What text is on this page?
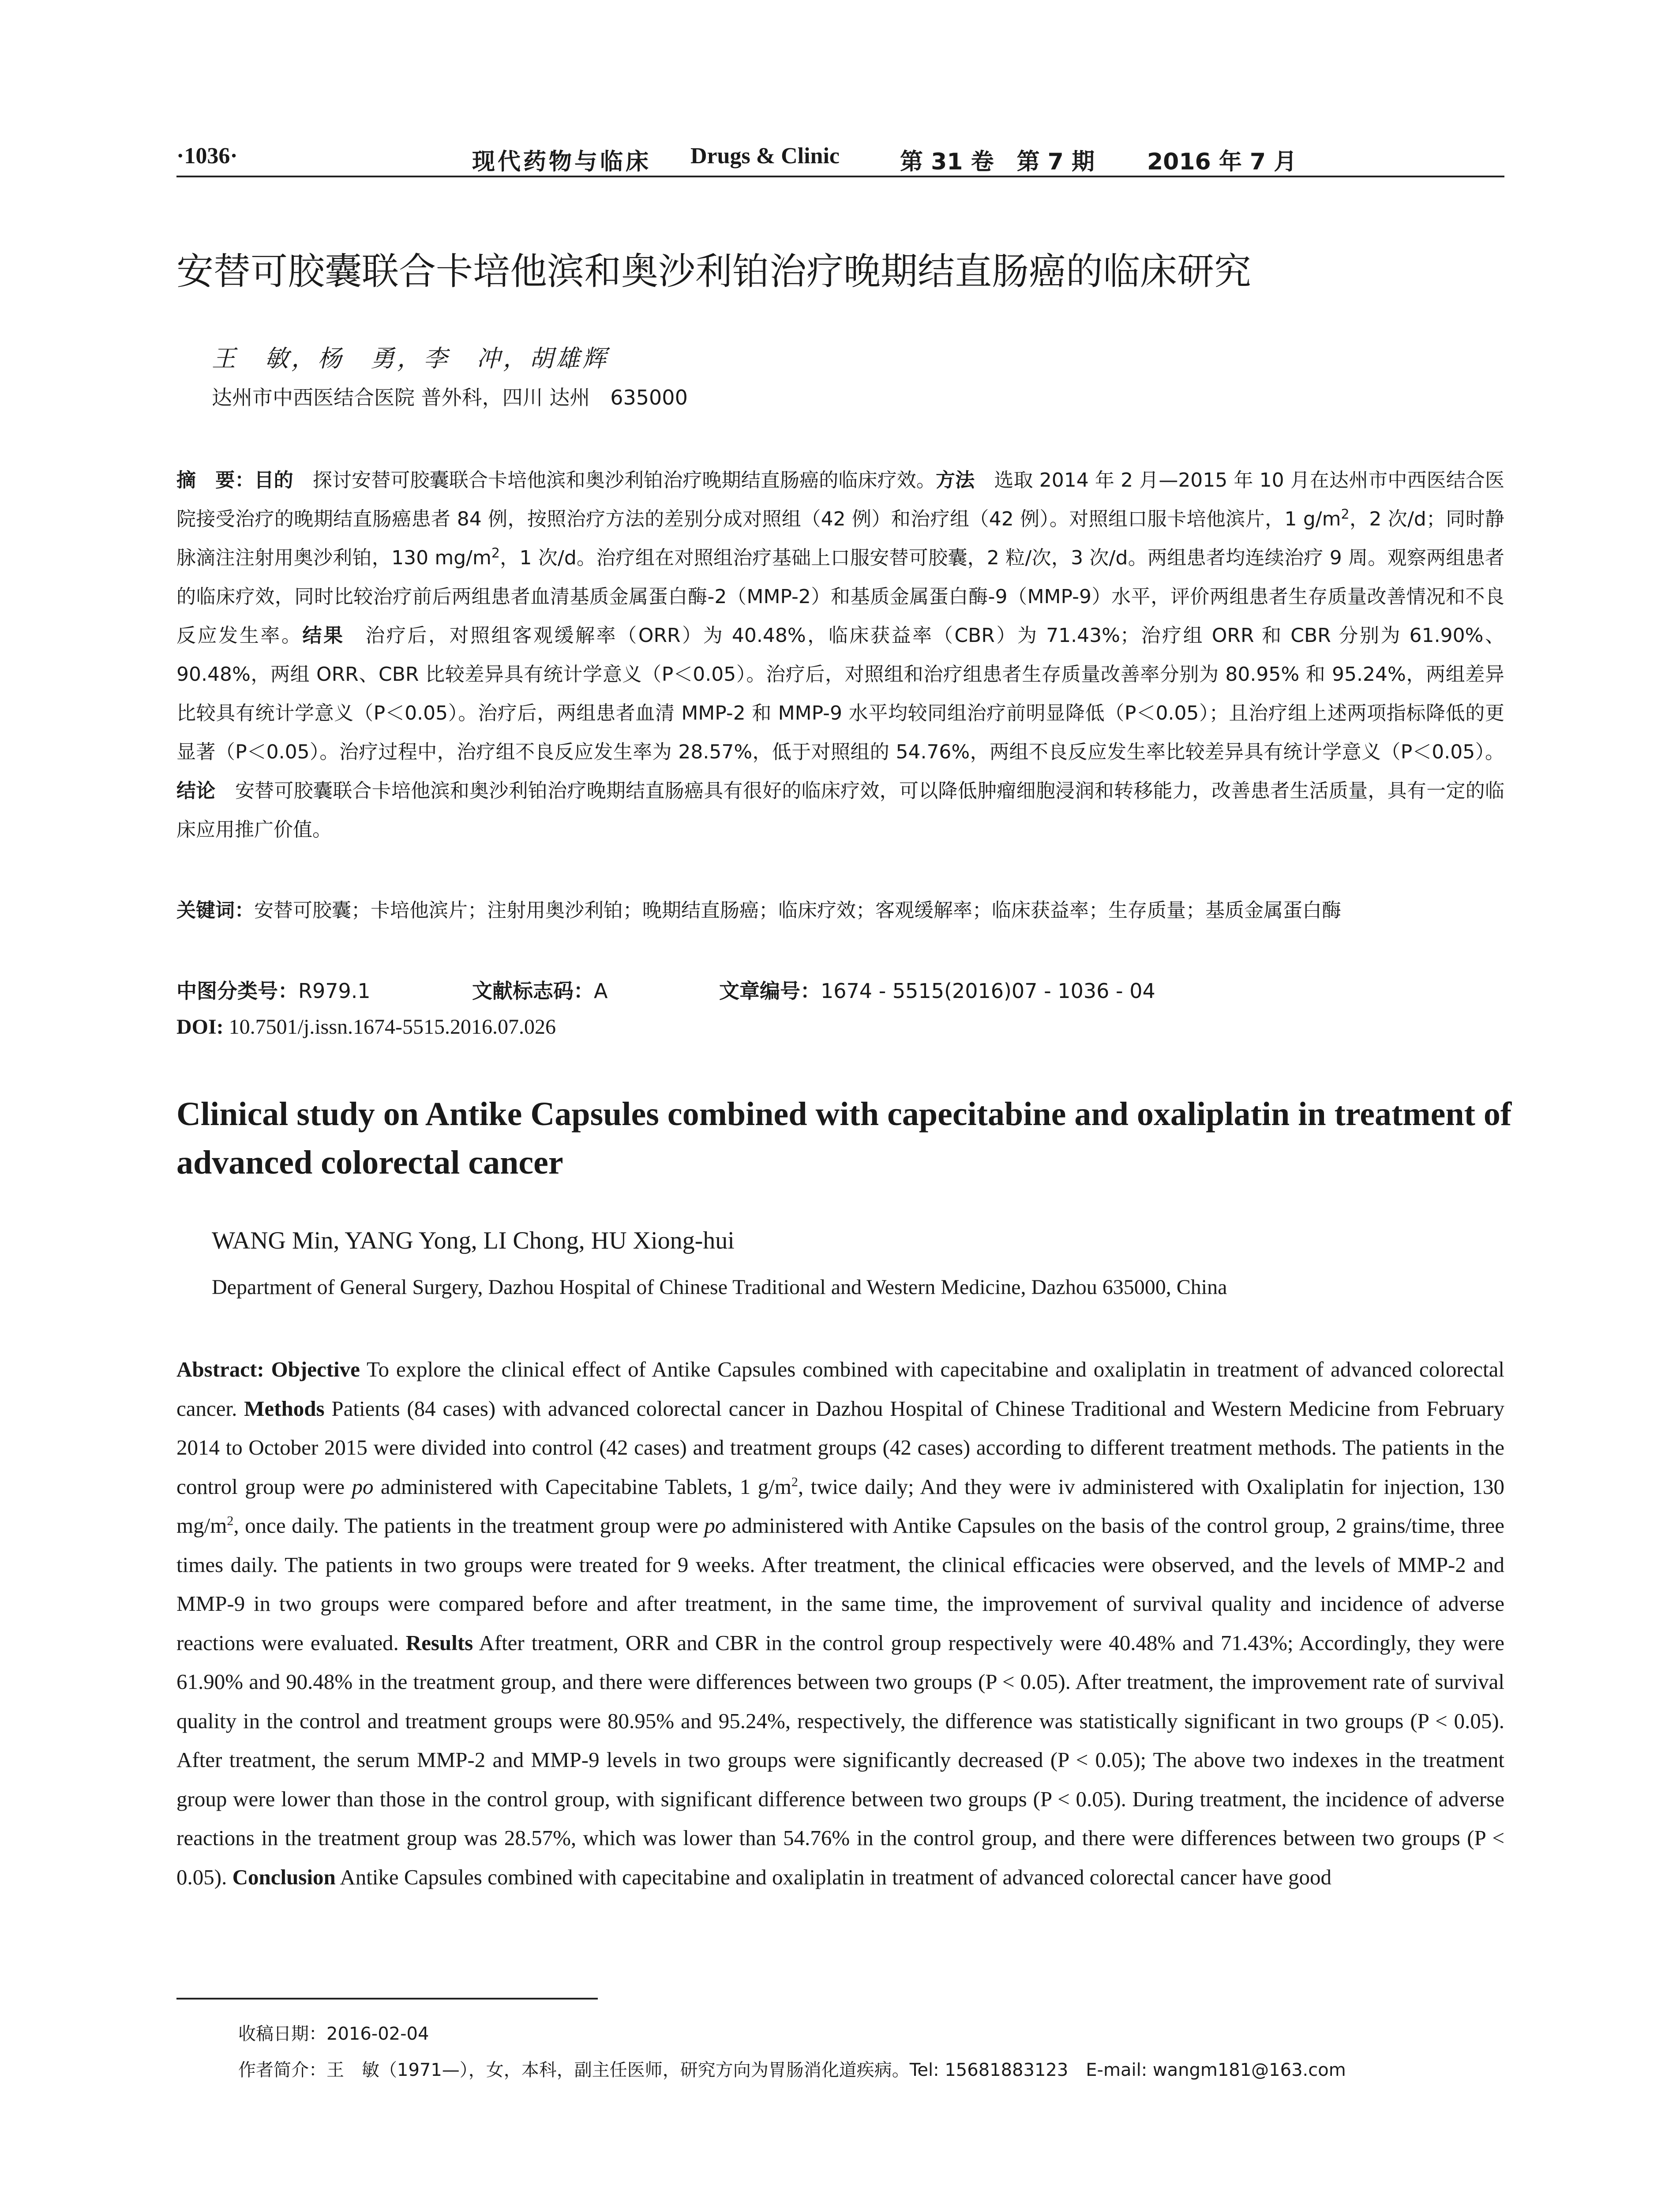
·1036·	现代药物与临床 Drugs & Clinic	第 31 卷　第 7 期 2016 年 7 月
安替可胶囊联合卡培他滨和奥沙利铂治疗晚期结直肠癌的临床研究
王　敏，杨　勇，李　冲，胡雄辉
达州市中西医结合医院 普外科，四川 达州　635000
摘　要：目的　探讨安替可胶囊联合卡培他滨和奥沙利铂治疗晚期结直肠癌的临床疗效。方法　选取 2014 年 2 月—2015 年 10 月在达州市中西医结合医院接受治疗的晚期结直肠癌患者 84 例，按照治疗方法的差别分成对照组（42 例）和治疗组（42 例）。对照组口服卡培他滨片，1 $g/m^2$，2 次/d；同时静脉滴注注射用奥沙利铂，130 $mg/m^2$，1 次/d。治疗组在对照组治疗基础上口服安替可胶囊，2 粒/次，3 次/d。两组患者均连续治疗 9 周。观察两组患者的临床疗效，同时比较治疗前后两组患者血清基质金属蛋白酶-2（MMP-2）和基质金属蛋白酶-9（MMP-9）水平，评价两组患者生存质量改善情况和不良反应发生率。结果　治疗后，对照组客观缓解率（ORR）为 40.48%，临床获益率（CBR）为 71.43%；治疗组 ORR 和 CBR 分别为 61.90%、90.48%，两组 ORR、CBR 比较差异具有统计学意义（P＜0.05）。治疗后，对照组和治疗组患者生存质量改善率分别为 80.95% 和 95.24%，两组差异比较具有统计学意义（P＜0.05）。治疗后，两组患者血清 MMP-2 和 MMP-9 水平均较同组治疗前明显降低（P＜0.05）；且治疗组上述两项指标降低的更显著（P＜0.05）。治疗过程中，治疗组不良反应发生率为 28.57%，低于对照组的 54.76%，两组不良反应发生率比较差异具有统计学意义（P＜0.05）。结论　安替可胶囊联合卡培他滨和奥沙利铂治疗晚期结直肠癌具有很好的临床疗效，可以降低肿瘤细胞浸润和转移能力，改善患者生活质量，具有一定的临床应用推广价值。
关键词：安替可胶囊；卡培他滨片；注射用奥沙利铂；晚期结直肠癌；临床疗效；客观缓解率；临床获益率；生存质量；基质金属蛋白酶
中图分类号：R979.1	文献标志码：A	文章编号：1674 - 5515(2016)07 - 1036 - 04
DOI: 10.7501/j.issn.1674-5515.2016.07.026
Clinical study on Antike Capsules combined with capecitabine and oxaliplatin in treatment of advanced colorectal cancer
WANG Min, YANG Yong, LI Chong, HU Xiong-hui
Department of General Surgery, Dazhou Hospital of Chinese Traditional and Western Medicine, Dazhou 635000, China
Abstract: Objective To explore the clinical effect of Antike Capsules combined with capecitabine and oxaliplatin in treatment of advanced colorectal cancer. Methods Patients (84 cases) with advanced colorectal cancer in Dazhou Hospital of Chinese Traditional and Western Medicine from February 2014 to October 2015 were divided into control (42 cases) and treatment groups (42 cases) according to different treatment methods. The patients in the control group were po administered with Capecitabine Tablets, 1 $g/m^2$, twice daily; And they were iv administered with Oxaliplatin for injection, 130 $mg/m^2$, once daily. The patients in the treatment group were po administered with Antike Capsules on the basis of the control group, 2 grains/time, three times daily. The patients in two groups were treated for 9 weeks. After treatment, the clinical efficacies were observed, and the levels of MMP-2 and MMP-9 in two groups were compared before and after treatment, in the same time, the improvement of survival quality and incidence of adverse reactions were evaluated. Results After treatment, ORR and CBR in the control group respectively were 40.48% and 71.43%; Accordingly, they were 61.90% and 90.48% in the treatment group, and there were differences between two groups (P < 0.05). After treatment, the improvement rate of survival quality in the control and treatment groups were 80.95% and 95.24%, respectively, the difference was statistically significant in two groups (P < 0.05). After treatment, the serum MMP-2 and MMP-9 levels in two groups were significantly decreased (P < 0.05); The above two indexes in the treatment group were lower than those in the control group, with significant difference between two groups (P < 0.05). During treatment, the incidence of adverse reactions in the treatment group was 28.57%, which was lower than 54.76% in the control group, and there were differences between two groups (P < 0.05). Conclusion Antike Capsules combined with capecitabine and oxaliplatin in treatment of advanced colorectal cancer have good
收稿日期：2016-02-04
作者简介：王　敏（1971—），女，本科，副主任医师，研究方向为胃肠消化道疾病。Tel: 15681883123　E-mail: wangm181@163.com
